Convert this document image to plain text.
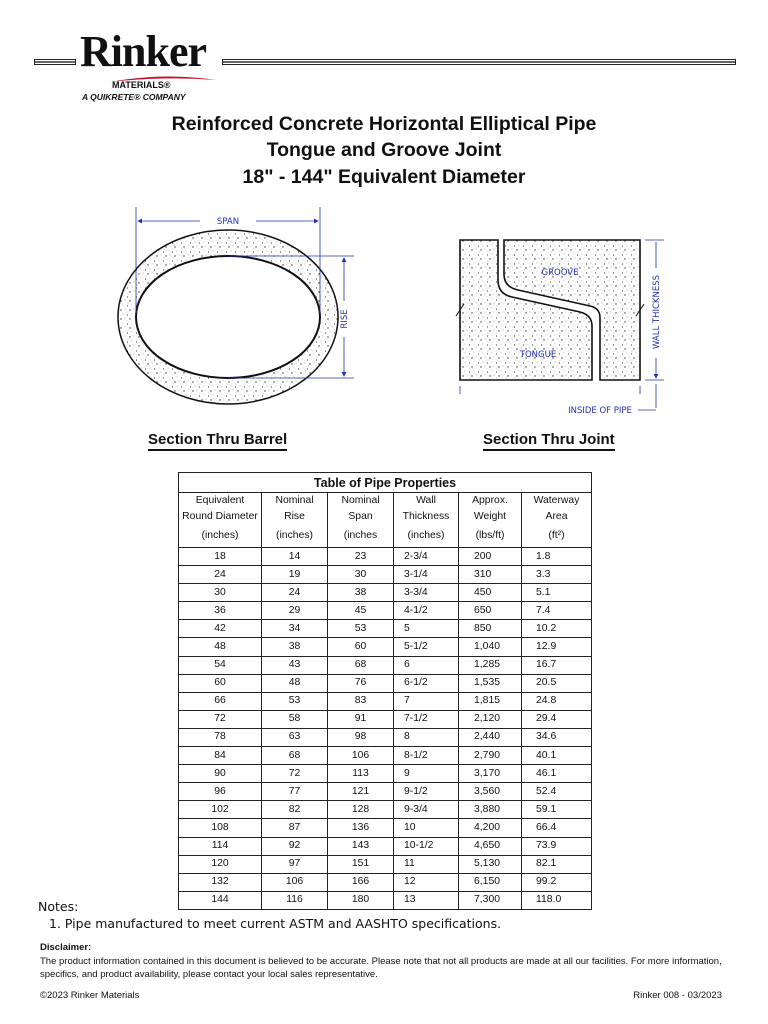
Rinker
MATERIALS®
A QUIKRETE® COMPANY
Reinforced Concrete Horizontal Elliptical Pipe
Tongue and Groove Joint
18" - 144" Equivalent Diameter
SPAN
RISE
GROOVE
TONGUE
WALL THICKNESS
INSIDE OF PIPE
Section Thru Barrel	Section Thru Joint
Table of Pipe Properties					
Equivalent	Nominal	Nominal	Wall	Approx.	Waterway
Round Diameter	Rise	Span	Thickness	Weight	Area
(inches)	(inches)	(inches	(inches)	(lbs/ft)	(ft²)
18	14	23	2-3/4	200	1.8
24	19	30	3-1/4	310	3.3
30	24	38	3-3/4	450	5.1
36	29	45	4-1/2	650	7.4
42	34	53	5	850	10.2
48	38	60	5-1/2	1,040	12.9
54	43	68	6	1,285	16.7
60	48	76	6-1/2	1,535	20.5
66	53	83	7	1,815	24.8
72	58	91	7-1/2	2,120	29.4
78	63	98	8	2,440	34.6
84	68	106	8-1/2	2,790	40.1
90	72	113	9	3,170	46.1
96	77	121	9-1/2	3,560	52.4
102	82	128	9-3/4	3,880	59.1
108	87	136	10	4,200	66.4
114	92	143	10-1/2	4,650	73.9
120	97	151	11	5,130	82.1
132	106	166	12	6,150	99.2
144	116	180	13	7,300	118.0
Notes:
1. Pipe manufactured to meet current ASTM and AASHTO specifications.
Disclaimer:
The product information contained in this document is believed to be accurate. Please note that not all products are made at all our facilities. For more information, specifics, and product availability, please contact your local sales representative.
©2023 Rinker Materials	Rinker 008 - 03/2023
